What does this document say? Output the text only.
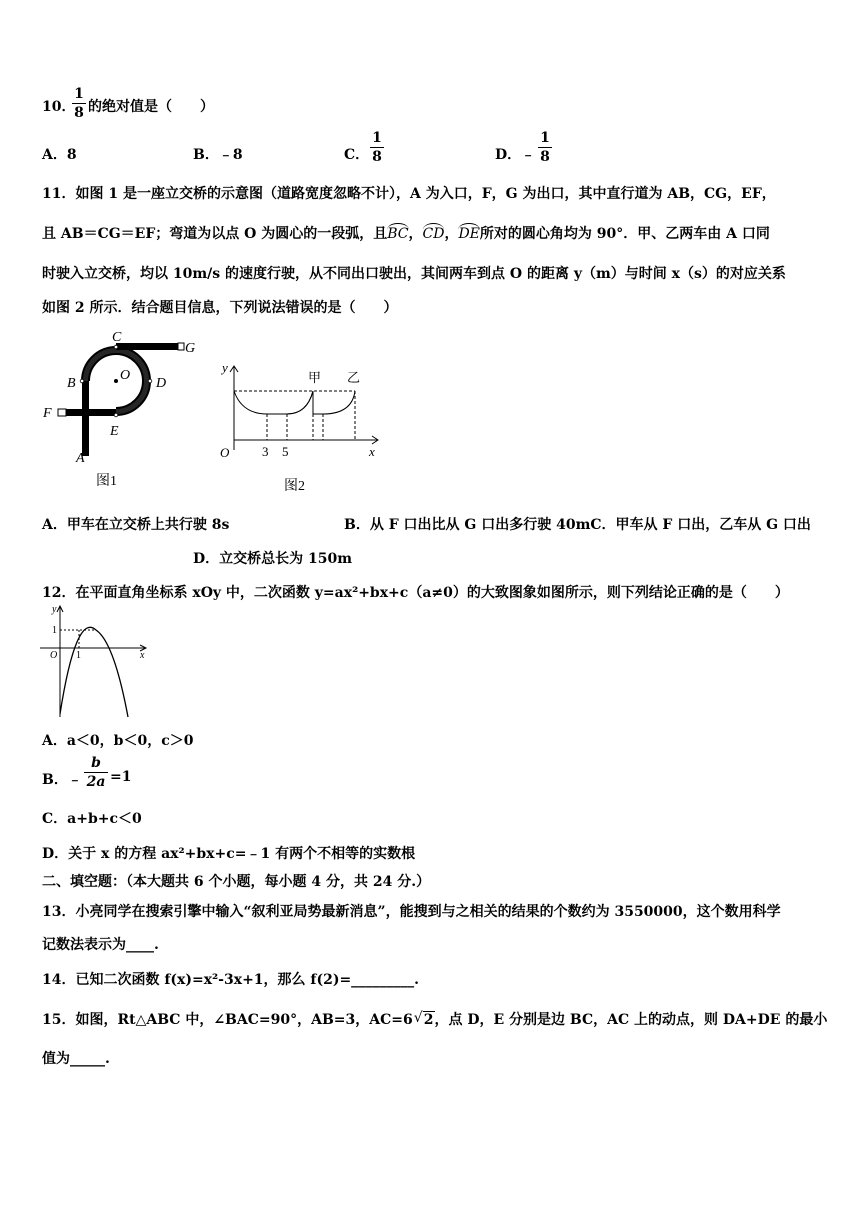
10．
1
8 的绝对值是（　　）
A．8	B．﹣8	C．
1
8	D．﹣
1
8
11．如图 1 是一座立交桥的示意图（道路宽度忽略不计），A 为入口，F，G 为出口，其中直行道为 AB，CG，EF，
且 AB＝CG＝EF；弯道为以点 O 为圆心的一段弧，且BC，CD，DE所对的圆心角均为 90°．甲、乙两车由 A 口同
时驶入立交桥，均以 10m/s 的速度行驶，从不同出口驶出，其间两车到点 O 的距离 y（m）与时间 x（s）的对应关系
如图 2 所示．结合题目信息，下列说法错误的是（　　）
C
G
B
O
D
F
E
A
图1
y
x
O	3 5
甲 乙
图2
A．甲车在立交桥上共行驶 8s	B．从 F 口出比从 G 口出多行驶 40mC．甲车从 F 口出，乙车从 G 口出
D．立交桥总长为 150m
12．在平面直角坐标系 xOy 中，二次函数 y=ax²+bx+c（a≠0）的大致图象如图所示，则下列结论正确的是（　　）
y
1
O 1	x
A．a＜0，b＜0，c＞0
B．﹣
b
2a =1
C．a+b+c＜0
D．关于 x 的方程 ax²+bx+c=﹣1 有两个不相等的实数根
二、填空题：（本大题共 6 个小题，每小题 4 分，共 24 分.）
13．小亮同学在搜索引擎中输入“叙利亚局势最新消息”，能搜到与之相关的结果的个数约为 3550000，这个数用科学
记数法表示为____.
14．已知二次函数 f(x)=x²-3x+1，那么 f(2)=_________.
15．如图，Rt△ABC 中，∠BAC=90°，AB=3，AC=6 √ 2，点 D，E 分别是边 BC，AC 上的动点，则 DA+DE 的最小
值为_____.
